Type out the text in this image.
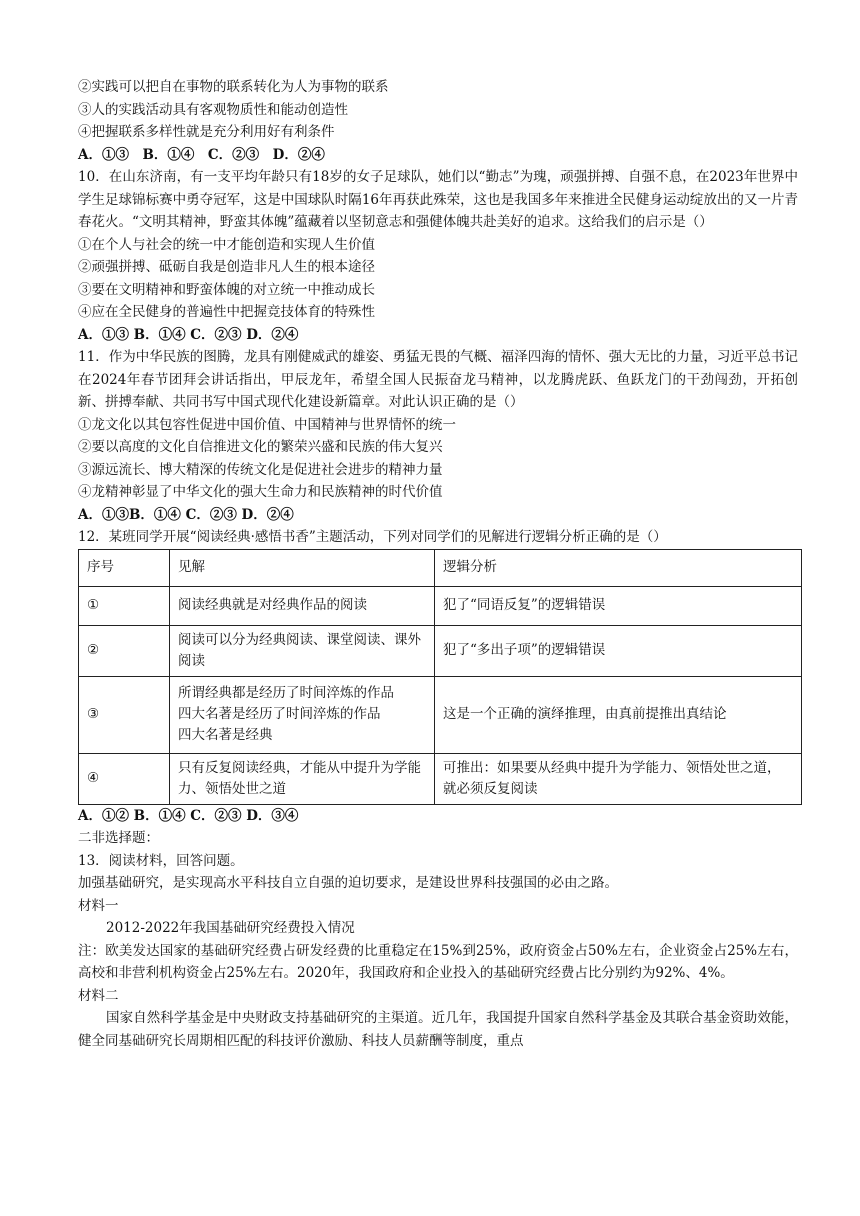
②实践可以把自在事物的联系转化为人为事物的联系
③人的实践活动具有客观物质性和能动创造性
④把握联系多样性就是充分利用好有利条件
A．①③　B．①④　C．②③　D．②④
10．在山东济南，有一支平均年龄只有18岁的女子足球队，她们以“勤志”为瑰，顽强拼搏、自强不息，在2023年世界中学生足球锦标赛中勇夺冠军，这是中国球队时隔16年再获此殊荣，这也是我国多年来推进全民健身运动绽放出的又一片青春花火。“文明其精神，野蛮其体魄”蕴藏着以坚韧意志和强健体魄共赴美好的追求。这给我们的启示是（）
①在个人与社会的统一中才能创造和实现人生价值
②顽强拼搏、砥砺自我是创造非凡人生的根本途径
③要在文明精神和野蛮体魄的对立统一中推动成长
④应在全民健身的普遍性中把握竞技体育的特殊性
A．①③ B．①④ C．②③ D．②④
11．作为中华民族的图腾，龙具有刚健威武的雄姿、勇猛无畏的气概、福泽四海的情怀、强大无比的力量，习近平总书记在2024年春节团拜会讲话指出，甲辰龙年，希望全国人民振奋龙马精神，以龙腾虎跃、鱼跃龙门的干劲闯劲，开拓创新、拼搏奉献、共同书写中国式现代化建设新篇章。对此认识正确的是（）
①龙文化以其包容性促进中国价值、中国精神与世界情怀的统一
②要以高度的文化自信推进文化的繁荣兴盛和民族的伟大复兴
③源远流长、博大精深的传统文化是促进社会进步的精神力量
④龙精神彰显了中华文化的强大生命力和民族精神的时代价值
A．①③B．①④ C．②③ D．②④
12．某班同学开展“阅读经典·感悟书香”主题活动，下列对同学们的见解进行逻辑分析正确的是（）
序号	见解	逻辑分析
①	阅读经典就是对经典作品的阅读	犯了“同语反复”的逻辑错误
②	阅读可以分为经典阅读、课堂阅读、课外阅读	犯了“多出子项”的逻辑错误
③	所谓经典都是经历了时间淬炼的作品
四大名著是经历了时间淬炼的作品
四大名著是经典	这是一个正确的演绎推理，由真前提推出真结论
④	只有反复阅读经典，才能从中提升为学能力、领悟处世之道	可推出：如果要从经典中提升为学能力、领悟处世之道，就必须反复阅读
A．①② B．①④ C．②③ D．③④
二非选择题：
13．阅读材料，回答问题。
加强基础研究，是实现高水平科技自立自强的迫切要求，是建设世界科技强国的必由之路。
材料一
2012-2022年我国基础研究经费投入情况
注：欧美发达国家的基础研究经费占研发经费的比重稳定在15%到25%，政府资金占50%左右，企业资金占25%左右，高校和非营利机构资金占25%左右。2020年，我国政府和企业投入的基础研究经费占比分别约为92%、4%。
材料二
国家自然科学基金是中央财政支持基础研究的主渠道。近几年，我国提升国家自然科学基金及其联合基金资助效能，健全同基础研究长周期相匹配的科技评价激励、科技人员薪酬等制度，重点
